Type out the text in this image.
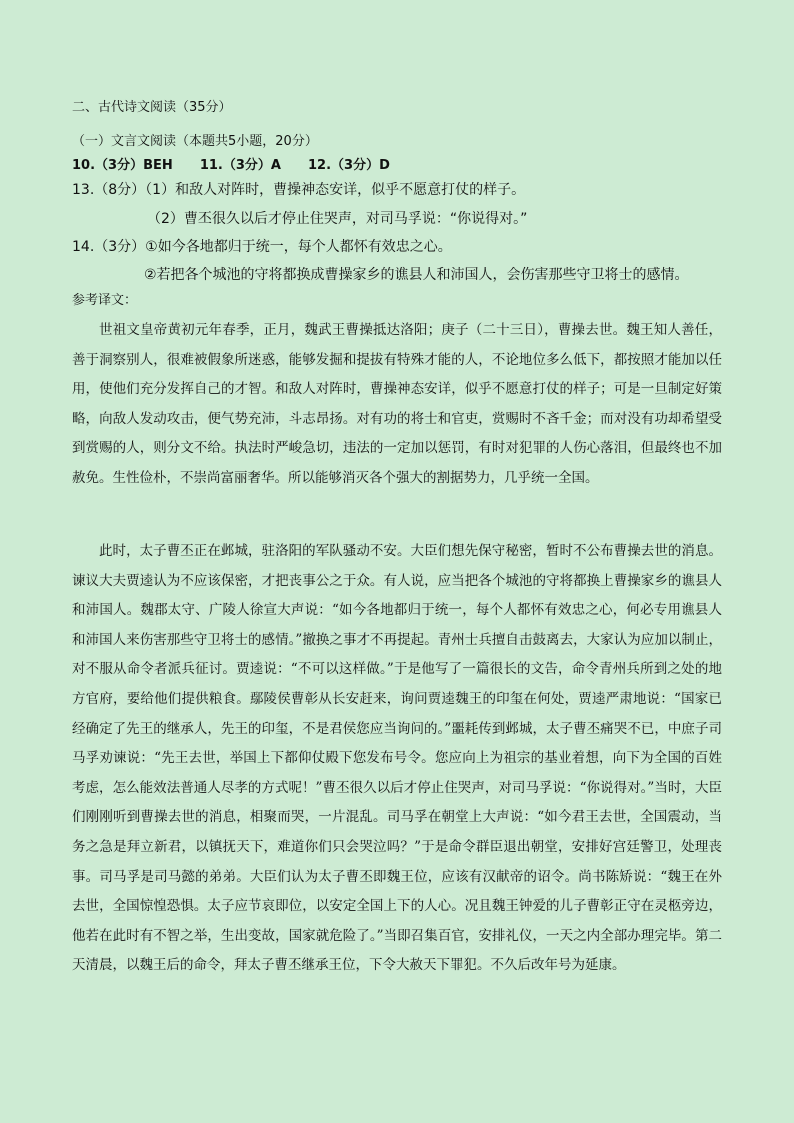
二、古代诗文阅读（35分）
（一）文言文阅读（本题共5小题，20分）
10.（3分）BEH 11.（3分）A 12.（3分）D
13.（8分）（1）和敌人对阵时，曹操神态安详，似乎不愿意打仗的样子。
（2）曹丕很久以后才停止住哭声，对司马孚说：“你说得对。”
14.（3分）①如今各地都归于统一，每个人都怀有效忠之心。
②若把各个城池的守将都换成曹操家乡的谯县人和沛国人，会伤害那些守卫将士的感情。
参考译文：

世祖文皇帝黄初元年春季，正月，魏武王曹操抵达洛阳；庚子（二十三日），曹操去世。魏王知人善任，善于洞察别人，很难被假象所迷惑，能够发掘和提拔有特殊才能的人，不论地位多么低下，都按照才能加以任用，使他们充分发挥自己的才智。和敌人对阵时，曹操神态安详，似乎不愿意打仗的样子；可是一旦制定好策略，向敌人发动攻击，便气势充沛，斗志昂扬。对有功的将士和官吏，赏赐时不吝千金；而对没有功却希望受到赏赐的人，则分文不给。执法时严峻急切，违法的一定加以惩罚，有时对犯罪的人伤心落泪，但最终也不加赦免。生性俭朴，不崇尚富丽奢华。所以能够消灭各个强大的割据势力，几乎统一全国。

此时，太子曹丕正在邺城，驻洛阳的军队骚动不安。大臣们想先保守秘密，暂时不公布曹操去世的消息。谏议大夫贾逵认为不应该保密，才把丧事公之于众。有人说，应当把各个城池的守将都换上曹操家乡的谯县人和沛国人。魏郡太守、广陵人徐宣大声说：“如今各地都归于统一，每个人都怀有效忠之心，何必专用谯县人和沛国人来伤害那些守卫将士的感情。”撤换之事才不再提起。青州士兵擅自击鼓离去，大家认为应加以制止，对不服从命令者派兵征讨。贾逵说：“不可以这样做。”于是他写了一篇很长的文告，命令青州兵所到之处的地方官府，要给他们提供粮食。鄢陵侯曹彰从长安赶来，询问贾逵魏王的印玺在何处，贾逵严肃地说：“国家已经确定了先王的继承人，先王的印玺，不是君侯您应当询问的。”噩耗传到邺城，太子曹丕痛哭不已，中庶子司马孚劝谏说：“先王去世，举国上下都仰仗殿下您发布号令。您应向上为祖宗的基业着想，向下为全国的百姓考虑，怎么能效法普通人尽孝的方式呢！”曹丕很久以后才停止住哭声，对司马孚说：“你说得对。”当时，大臣们刚刚听到曹操去世的消息，相聚而哭，一片混乱。司马孚在朝堂上大声说：“如今君王去世，全国震动，当务之急是拜立新君，以镇抚天下，难道你们只会哭泣吗？”于是命令群臣退出朝堂，安排好宫廷警卫，处理丧事。司马孚是司马懿的弟弟。大臣们认为太子曹丕即魏王位，应该有汉献帝的诏令。尚书陈矫说：“魏王在外去世，全国惊惶恐惧。太子应节哀即位，以安定全国上下的人心。况且魏王钟爱的儿子曹彰正守在灵柩旁边，他若在此时有不智之举，生出变故，国家就危险了。”当即召集百官，安排礼仪，一天之内全部办理完毕。第二天清晨，以魏王后的命令，拜太子曹丕继承王位，下令大赦天下罪犯。不久后改年号为延康。
